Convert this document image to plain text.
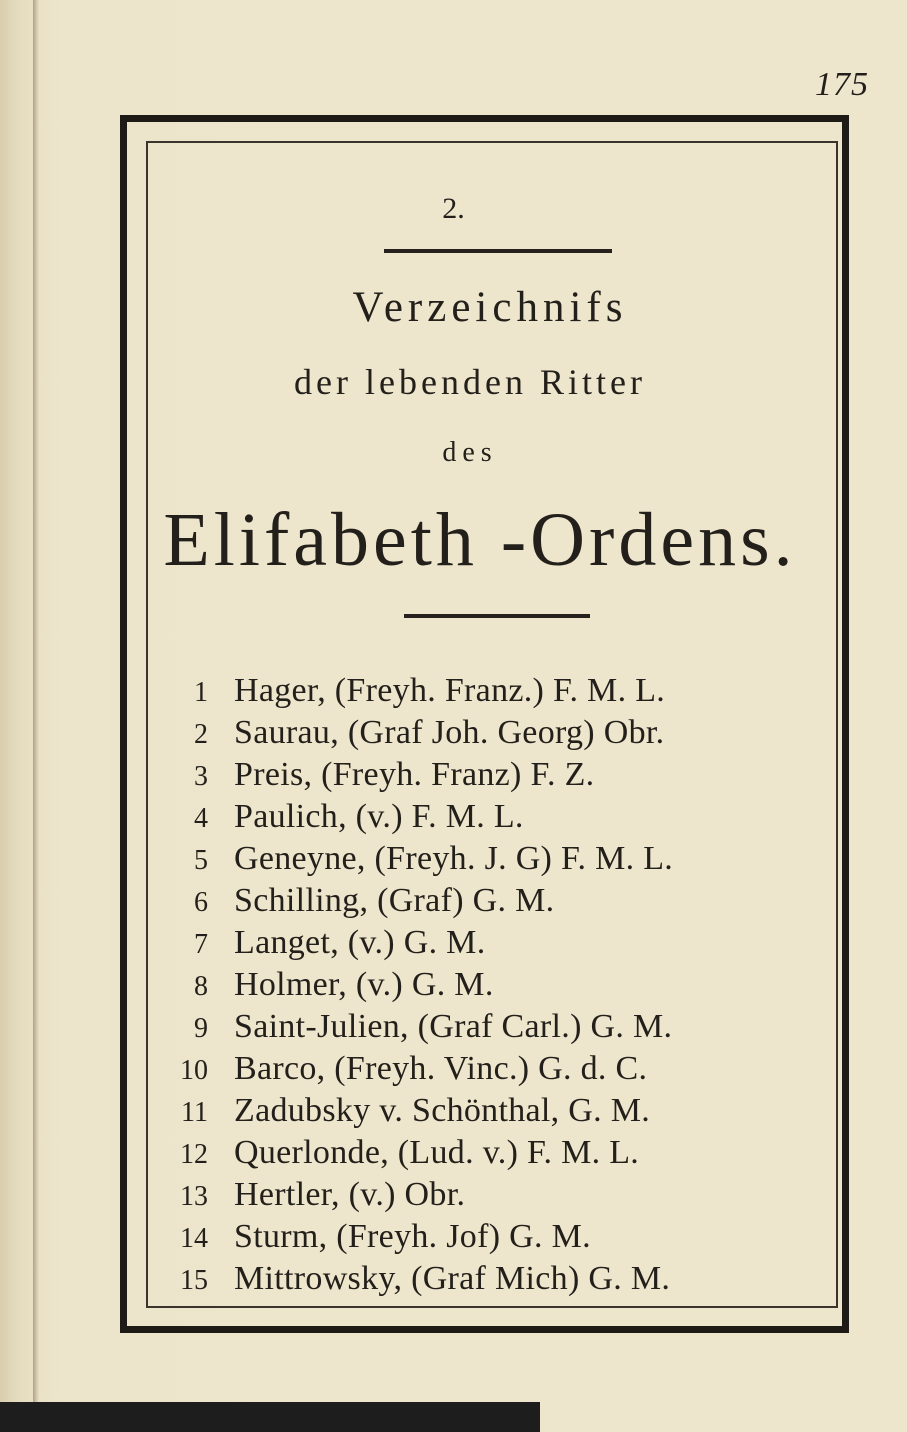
175
2.
Verzeichnifs
der lebenden Ritter
des
Elifabeth -Ordens.
1 Hager, (Freyh. Franz.) F. M. L.
2 Saurau, (Graf Joh. Georg) Obr.
3 Preis, (Freyh. Franz) F. Z.
4 Paulich, (v.) F. M. L.
5 Geneyne, (Freyh. J. G) F. M. L.
6 Schilling, (Graf) G. M.
7 Langet, (v.) G. M.
8 Holmer, (v.) G. M.
9 Saint-Julien, (Graf Carl.) G. M.
10 Barco, (Freyh. Vinc.) G. d. C.
11 Zadubsky v. Schönthal, G. M.
12 Querlonde, (Lud. v.) F. M. L.
13 Hertler, (v.) Obr.
14 Sturm, (Freyh. Jof) G. M.
15 Mittrowsky, (Graf Mich) G. M.
